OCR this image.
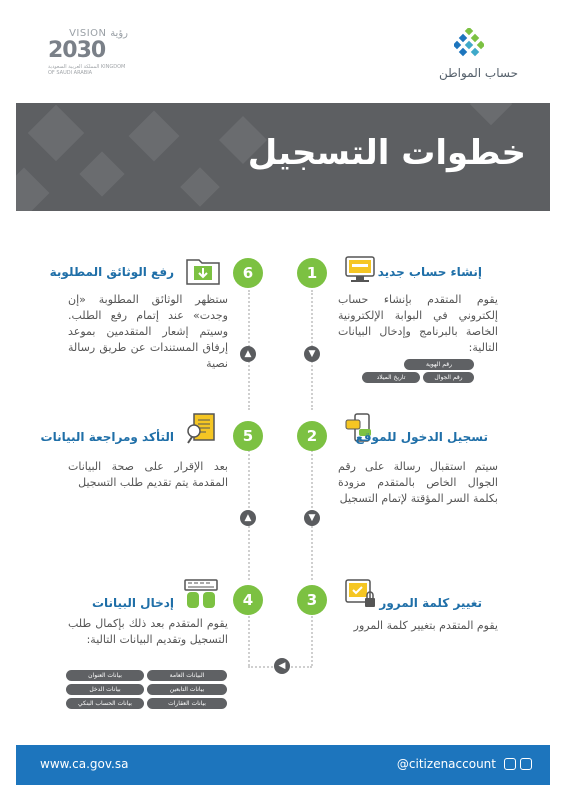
VISION رؤية
2030
المملكة العربية السعودية KINGDOM OF SAUDI ARABIA	حساب المواطن
خطوات التسجيل
1
2
3
4
5
6
▼
▲
▼
▲
◀
إنشاء حساب جديد
تسجيل الدخول للموقع
تغيير كلمة المرور
إدخال البيانات
التأكد ومراجعة البيانات
رفع الوثائق المطلوبة

يقوم المتقدم بإنشاء حساب إلكتروني في البوابة الإلكترونية الخاصة بالبرنامج وإدخال البيانات التالية:

سيتم استقبال رسالة على رقم الجوال الخاص بالمتقدم مزودة بكلمة السر المؤقتة لإتمام التسجيل

يقوم المتقدم بتغيير كلمة المرور

يقوم المتقدم بعد ذلك بإكمال طلب التسجيل وتقديم البيانات التالية:

بعد الإقرار على صحة البيانات المقدمة يتم تقديم طلب التسجيل

ستظهر الوثائق المطلوبة «إن وجدت» عند إتمام رفع الطلب. وسيتم إشعار المتقدمين بموعد إرفاق المستندات عن طريق رسالة نصية	رقم الهوية
رقم الجوال
تاريخ الميلاد
البيانات العامة
بيانات العنوان
بيانات التابعين
بيانات الدخل
بيانات العقارات
بيانات الحساب البنكي
www.ca.gov.sa	@citizenaccount
